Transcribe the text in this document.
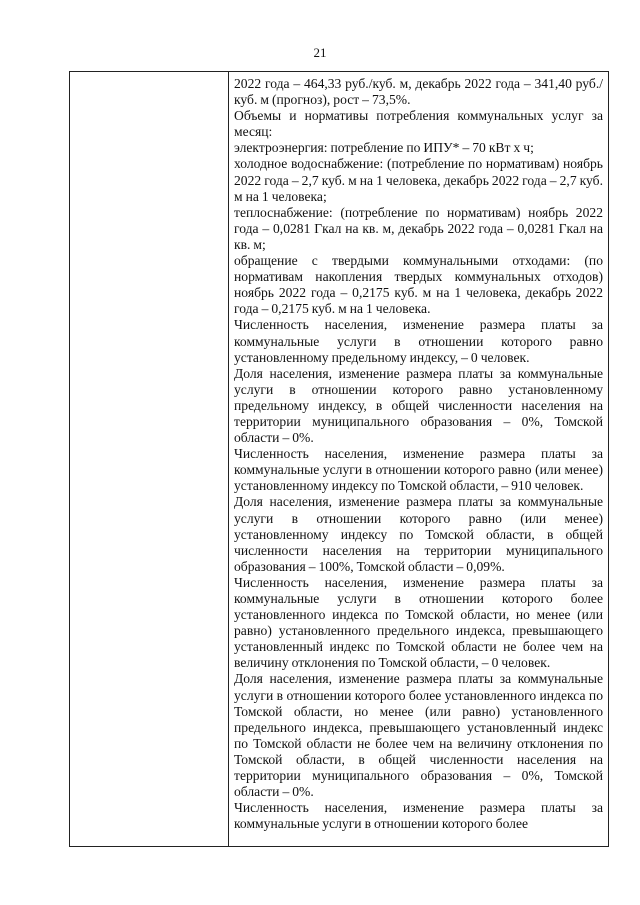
21

2022 года – 464,33 руб./куб. м, декабрь 2022 года – 341,40 руб./куб. м (прогноз), рост – 73,5%.

Объемы и нормативы потребления коммунальных услуг за месяц:

электроэнергия: потребление по ИПУ* – 70 кВт х ч;

холодное водоснабжение: (потребление по нормативам) ноябрь 2022 года – 2,7 куб. м на 1 человека, декабрь 2022 года – 2,7 куб. м на 1 человека;

теплоснабжение: (потребление по нормативам) ноябрь 2022 года – 0,0281 Гкал на кв. м, декабрь 2022 года – 0,0281 Гкал на кв. м;

обращение с твердыми коммунальными отходами: (по нормативам накопления твердых коммунальных отходов) ноябрь 2022 года – 0,2175 куб. м на 1 человека, декабрь 2022 года – 0,2175 куб. м на 1 человека.

Численность населения, изменение размера платы за коммунальные услуги в отношении которого равно установленному предельному индексу, – 0 человек.

Доля населения, изменение размера платы за коммунальные услуги в отношении которого равно установленному предельному индексу, в общей численности населения на территории муниципального образования – 0%, Томской области – 0%.

Численность населения, изменение размера платы за коммунальные услуги в отношении которого равно (или менее) установленному индексу по Томской области, – 910 человек.

Доля населения, изменение размера платы за коммунальные услуги в отношении которого равно (или менее) установленному индексу по Томской области, в общей численности населения на территории муниципального образования – 100%, Томской области – 0,09%.

Численность населения, изменение размера платы за коммунальные услуги в отношении которого более установленного индекса по Томской области, но менее (или равно) установленного предельного индекса, превышающего установленный индекс по Томской области не более чем на величину отклонения по Томской области, – 0 человек.

Доля населения, изменение размера платы за коммунальные услуги в отношении которого более установленного индекса по Томской области, но менее (или равно) установленного предельного индекса, превышающего установленный индекс по Томской области не более чем на величину отклонения по Томской области, в общей численности населения на территории муниципального образования – 0%, Томской области – 0%.

Численность населения, изменение размера платы за коммунальные услуги в отношении которого более
